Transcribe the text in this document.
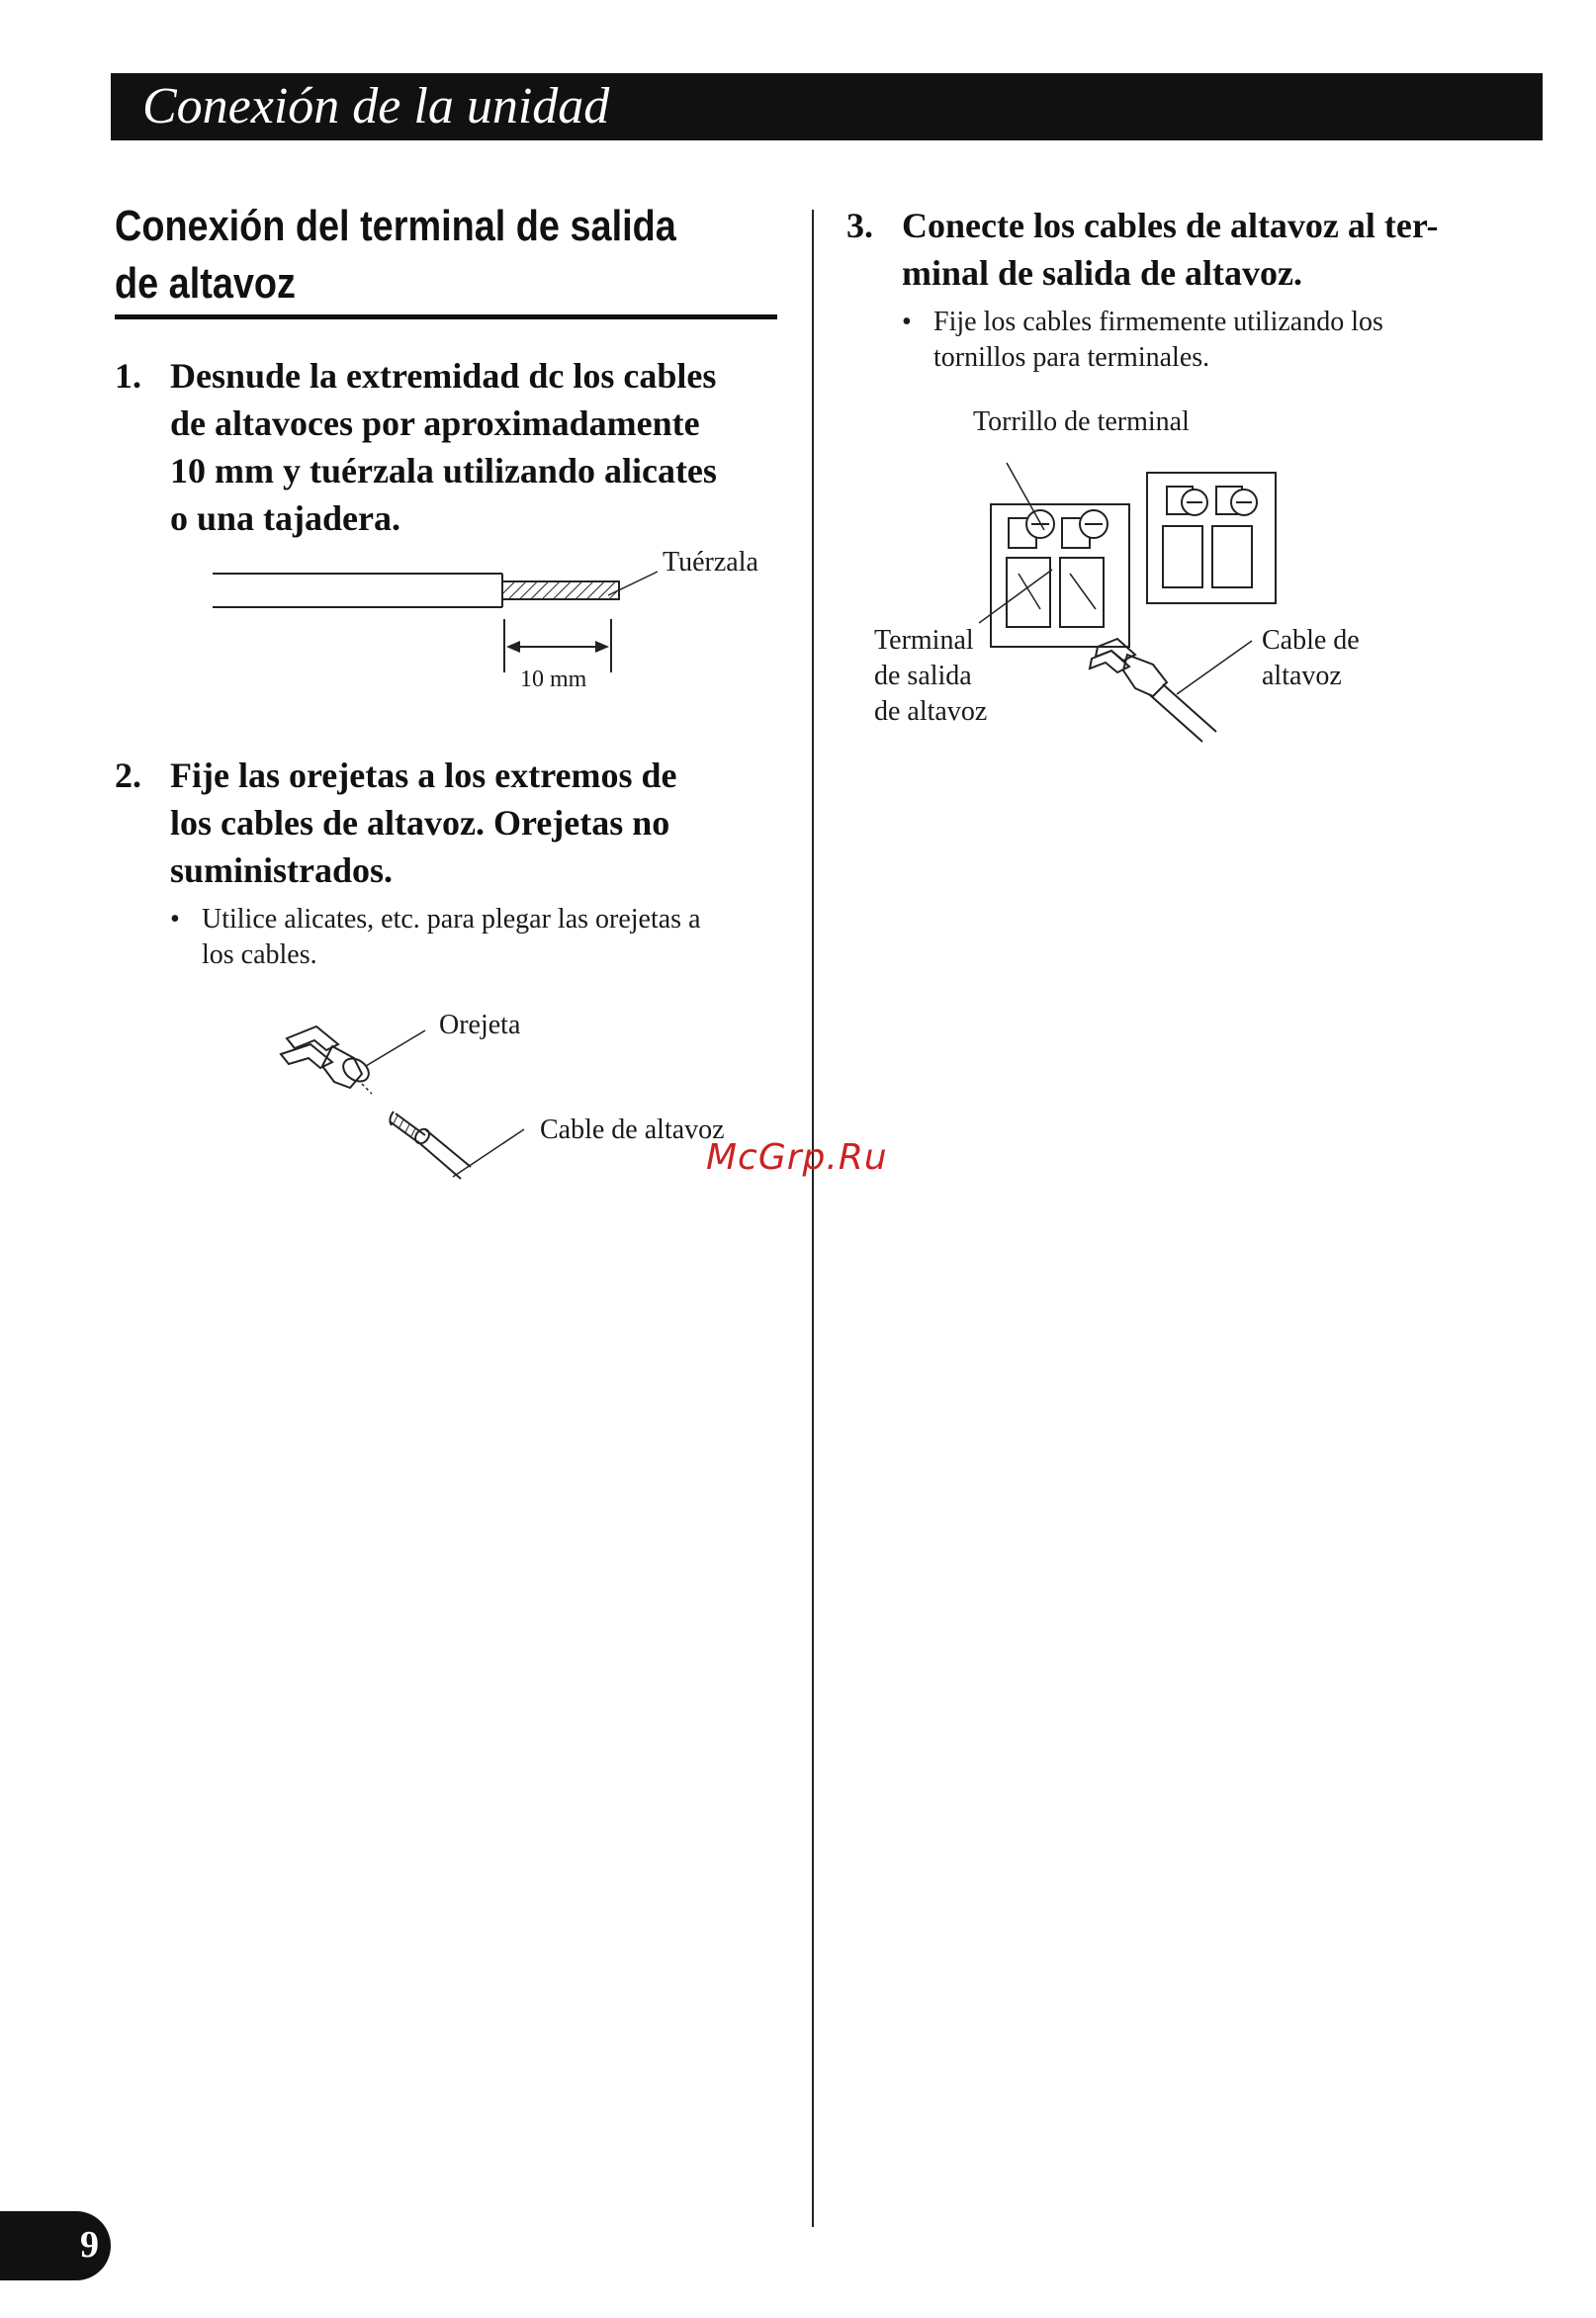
Conexión de la unidad
Conexión del terminal de salida
de altavoz
1. Desnude la extremidad dc los cables
de altavoces por aproximadamente
10 mm y tuérzala utilizando alicates
o una tajadera.
Tuérzala
10 mm
2. Fije las orejetas a los extremos de
los cables de altavoz. Orejetas no
suministrados.
• Utilice alicates, etc. para plegar las orejetas a
los cables.
Orejeta
Cable de altavoz
3. Conecte los cables de altavoz al ter-
minal de salida de altavoz.
• Fije los cables firmemente utilizando los
tornillos para terminales.
Torrillo de terminal
Terminal
de salida
de altavoz
Cable de
altavoz
McGrp.Ru
9
